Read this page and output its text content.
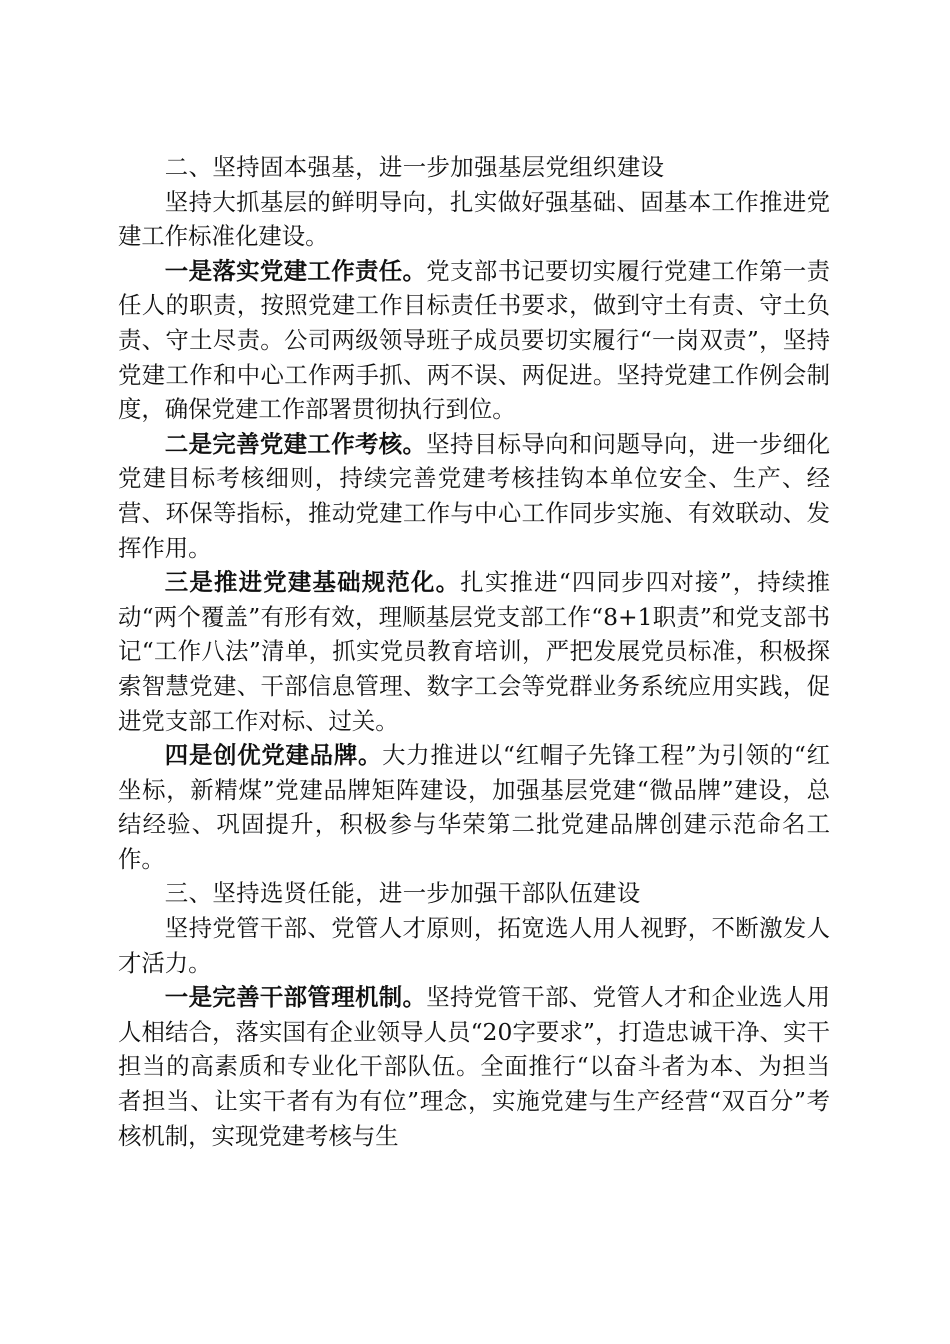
二、坚持固本强基，进一步加强基层党组织建设

坚持大抓基层的鲜明导向，扎实做好强基础、固基本工作推进党建工作标准化建设。

一是落实党建工作责任。党支部书记要切实履行党建工作第一责任人的职责，按照党建工作目标责任书要求，做到守土有责、守土负责、守土尽责。公司两级领导班子成员要切实履行“一岗双责”，坚持党建工作和中心工作两手抓、两不误、两促进。坚持党建工作例会制度，确保党建工作部署贯彻执行到位。

二是完善党建工作考核。坚持目标导向和问题导向，进一步细化党建目标考核细则，持续完善党建考核挂钩本单位安全、生产、经营、环保等指标，推动党建工作与中心工作同步实施、有效联动、发挥作用。

三是推进党建基础规范化。扎实推进“四同步四对接”，持续推动“两个覆盖”有形有效，理顺基层党支部工作“8+1职责”和党支部书记“工作八法”清单，抓实党员教育培训，严把发展党员标准，积极探索智慧党建、干部信息管理、数字工会等党群业务系统应用实践，促进党支部工作对标、过关。

四是创优党建品牌。大力推进以“红帽子先锋工程”为引领的“红坐标，新精煤”党建品牌矩阵建设，加强基层党建“微品牌”建设，总结经验、巩固提升，积极参与华荣第二批党建品牌创建示范命名工作。

三、坚持选贤任能，进一步加强干部队伍建设

坚持党管干部、党管人才原则，拓宽选人用人视野，不断激发人才活力。

一是完善干部管理机制。坚持党管干部、党管人才和企业选人用人相结合，落实国有企业领导人员“20字要求”，打造忠诚干净、实干担当的高素质和专业化干部队伍。全面推行“以奋斗者为本、为担当者担当、让实干者有为有位”理念，实施党建与生产经营“双百分”考核机制，实现党建考核与生
